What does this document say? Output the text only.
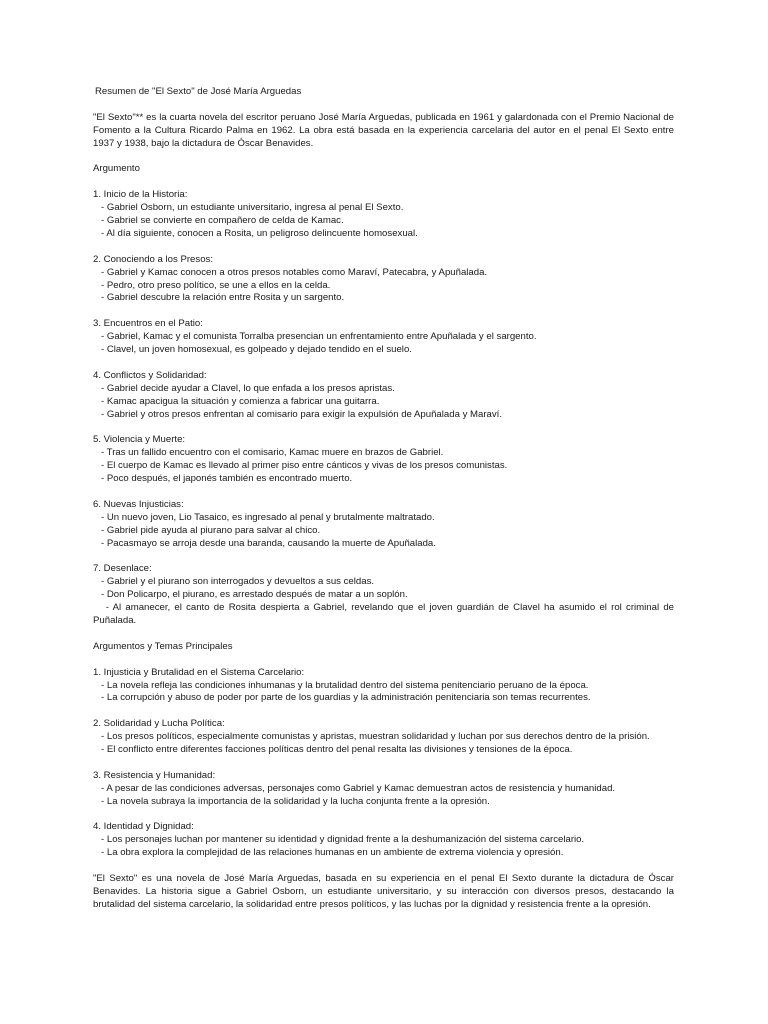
Resumen de "El Sexto" de José María Arguedas

"El Sexto"** es la cuarta novela del escritor peruano José María Arguedas, publicada en 1961 y galardonada con el Premio Nacional de Fomento a la Cultura Ricardo Palma en 1962. La obra está basada en la experiencia carcelaria del autor en el penal El Sexto entre 1937 y 1938, bajo la dictadura de Óscar Benavides.

Argumento

1. Inicio de la Historia:
- Gabriel Osborn, un estudiante universitario, ingresa al penal El Sexto.
- Gabriel se convierte en compañero de celda de Kamac.
- Al día siguiente, conocen a Rosita, un peligroso delincuente homosexual.

2. Conociendo a los Presos:
- Gabriel y Kamac conocen a otros presos notables como Maraví, Patecabra, y Apuñalada.
- Pedro, otro preso político, se une a ellos en la celda.
- Gabriel descubre la relación entre Rosita y un sargento.

3. Encuentros en el Patio:
- Gabriel, Kamac y el comunista Torralba presencian un enfrentamiento entre Apuñalada y el sargento.
- Clavel, un joven homosexual, es golpeado y dejado tendido en el suelo.

4. Conflictos y Solidaridad:
- Gabriel decide ayudar a Clavel, lo que enfada a los presos apristas.
- Kamac apacigua la situación y comienza a fabricar una guitarra.
- Gabriel y otros presos enfrentan al comisario para exigir la expulsión de Apuñalada y Maraví.

5. Violencia y Muerte:
- Tras un fallido encuentro con el comisario, Kamac muere en brazos de Gabriel.
- El cuerpo de Kamac es llevado al primer piso entre cánticos y vivas de los presos comunistas.
- Poco después, el japonés también es encontrado muerto.

6. Nuevas Injusticias:
- Un nuevo joven, Lio Tasaico, es ingresado al penal y brutalmente maltratado.
- Gabriel pide ayuda al piurano para salvar al chico.
- Pacasmayo se arroja desde una baranda, causando la muerte de Apuñalada.

7. Desenlace:
- Gabriel y el piurano son interrogados y devueltos a sus celdas.
- Don Policarpo, el piurano, es arrestado después de matar a un soplón.
- Al amanecer, el canto de Rosita despierta a Gabriel, revelando que el joven guardián de Clavel ha asumido el rol criminal de Puñalada.

Argumentos y Temas Principales

1. Injusticia y Brutalidad en el Sistema Carcelario:
- La novela refleja las condiciones inhumanas y la brutalidad dentro del sistema penitenciario peruano de la época.
- La corrupción y abuso de poder por parte de los guardias y la administración penitenciaria son temas recurrentes.

2. Solidaridad y Lucha Política:
- Los presos políticos, especialmente comunistas y apristas, muestran solidaridad y luchan por sus derechos dentro de la prisión.
- El conflicto entre diferentes facciones políticas dentro del penal resalta las divisiones y tensiones de la época.

3. Resistencia y Humanidad:
- A pesar de las condiciones adversas, personajes como Gabriel y Kamac demuestran actos de resistencia y humanidad.
- La novela subraya la importancia de la solidaridad y la lucha conjunta frente a la opresión.

4. Identidad y Dignidad:
- Los personajes luchan por mantener su identidad y dignidad frente a la deshumanización del sistema carcelario.
- La obra explora la complejidad de las relaciones humanas en un ambiente de extrema violencia y opresión.

"El Sexto" es una novela de José María Arguedas, basada en su experiencia en el penal El Sexto durante la dictadura de Óscar Benavides. La historia sigue a Gabriel Osborn, un estudiante universitario, y su interacción con diversos presos, destacando la brutalidad del sistema carcelario, la solidaridad entre presos políticos, y las luchas por la dignidad y resistencia frente a la opresión.
